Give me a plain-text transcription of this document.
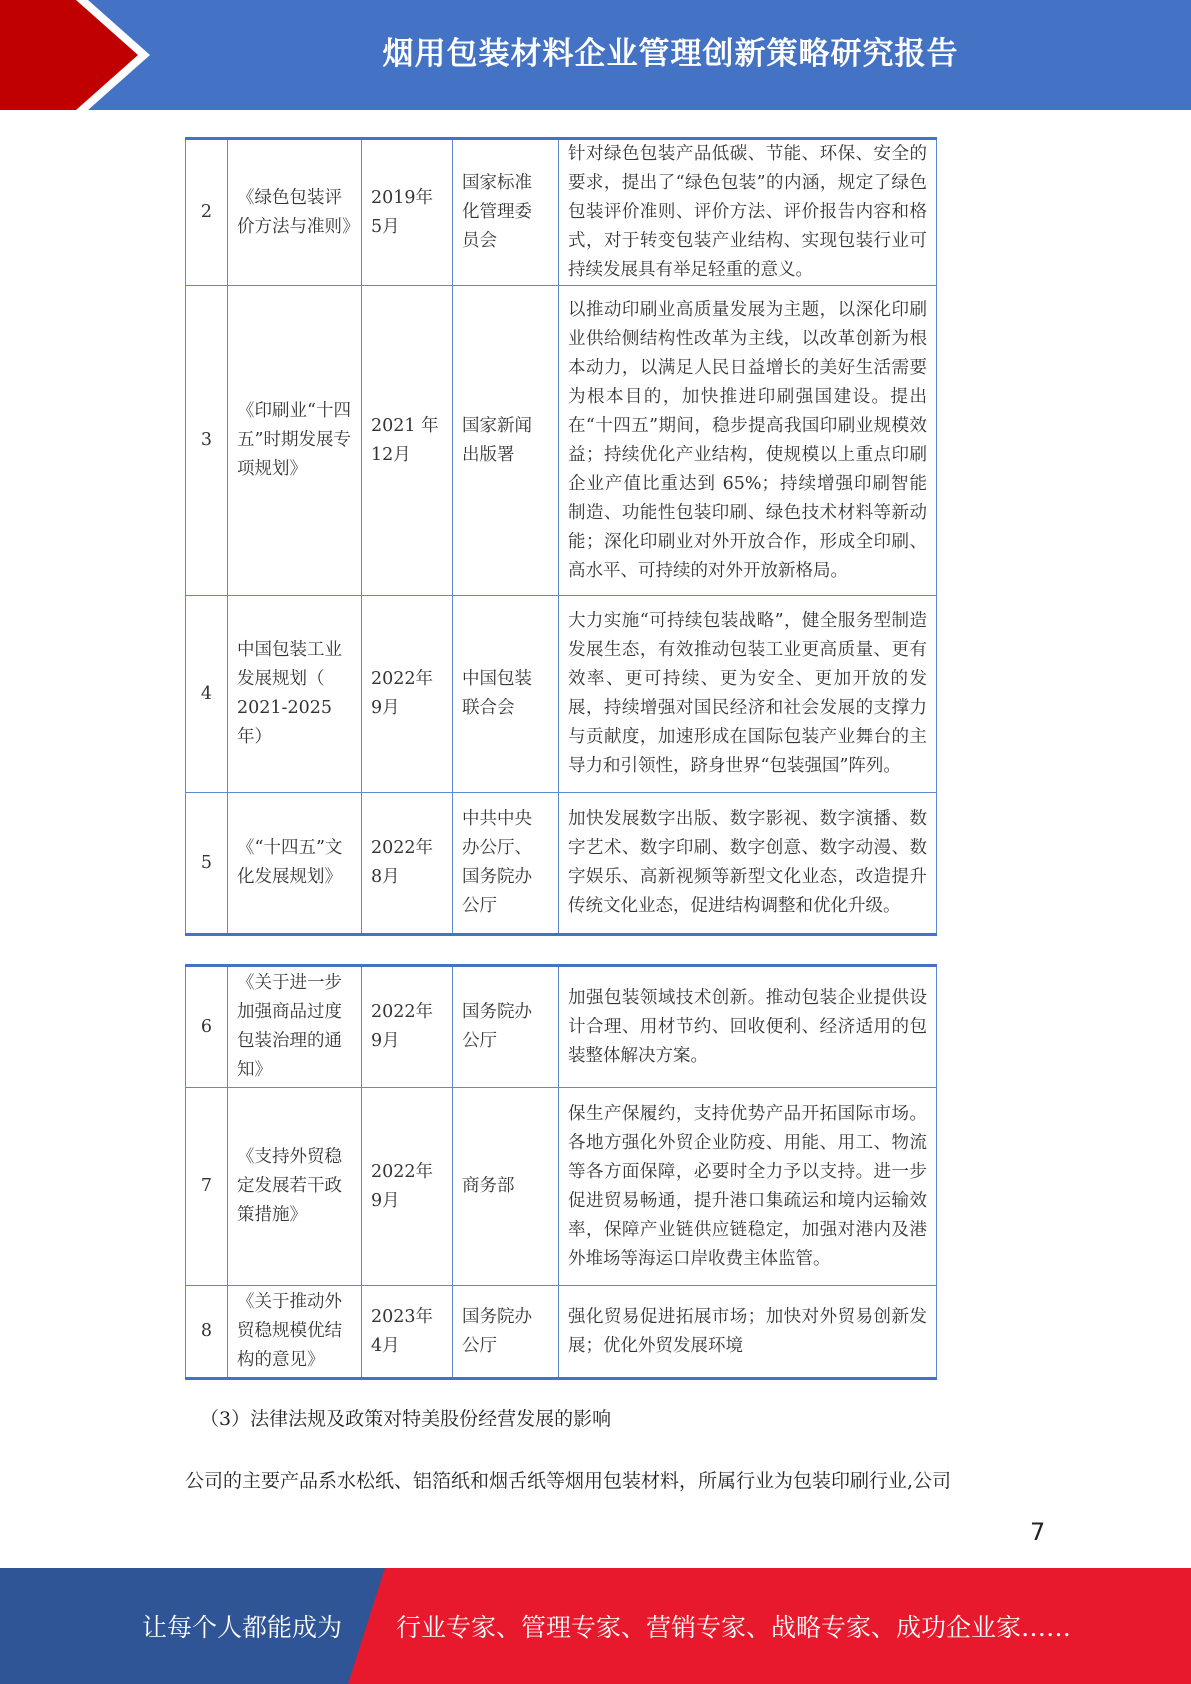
烟用包装材料企业管理创新策略研究报告
2	《绿色包装评价方法与准则》	2019年5月	国家标准化管理委员会	针对绿色包装产品低碳、节能、环保、安全的要求，提出了“绿色包装”的内涵，规定了绿色包装评价准则、评价方法、评价报告内容和格式，对于转变包装产业结构、实现包装行业可持续发展具有举足轻重的意义。
3	《印刷业“十四五”时期发展专项规划》	2021 年 12月	国家新闻出版署	以推动印刷业高质量发展为主题，以深化印刷业供给侧结构性改革为主线，以改革创新为根本动力，以满足人民日益增长的美好生活需要为根本目的，加快推进印刷强国建设。提出在“十四五”期间，稳步提高我国印刷业规模效益；持续优化产业结构，使规模以上重点印刷企业产值比重达到 65%；持续增强印刷智能制造、功能性包装印刷、绿色技术材料等新动能；深化印刷业对外开放合作，形成全印刷、高水平、可持续的对外开放新格局。
4	中国包装工业发展规划（ 2021-2025 年）	2022年9月	中国包装联合会	大力实施“可持续包装战略”，健全服务型制造发展生态，有效推动包装工业更高质量、更有效率、更可持续、更为安全、更加开放的发展，持续增强对国民经济和社会发展的支撑力与贡献度，加速形成在国际包装产业舞台的主导力和引领性，跻身世界“包装强国”阵列。
5	《“十四五”文化发展规划》	2022年8月	中共中央办公厅、国务院办公厅	加快发展数字出版、数字影视、数字演播、数字艺术、数字印刷、数字创意、数字动漫、数字娱乐、高新视频等新型文化业态，改造提升传统文化业态，促进结构调整和优化升级。
6	《关于进一步加强商品过度包装治理的通知》	2022年9月	国务院办公厅	加强包装领域技术创新。推动包装企业提供设计合理、用材节约、回收便利、经济适用的包装整体解决方案。
7	《支持外贸稳定发展若干政策措施》	2022年9月	商务部	保生产保履约，支持优势产品开拓国际市场。各地方强化外贸企业防疫、用能、用工、物流等各方面保障，必要时全力予以支持。进一步促进贸易畅通，提升港口集疏运和境内运输效率，保障产业链供应链稳定，加强对港内及港外堆场等海运口岸收费主体监管。
8	《关于推动外贸稳规模优结构的意见》	2023年4月	国务院办公厅	强化贸易促进拓展市场；加快对外贸易创新发展；优化外贸发展环境
（3）法律法规及政策对特美股份经营发展的影响
公司的主要产品系水松纸、铝箔纸和烟舌纸等烟用包装材料，所属行业为包装印刷行业,公司
7
让每个人都能成为 行业专家、管理专家、营销专家、战略专家、成功企业家……
